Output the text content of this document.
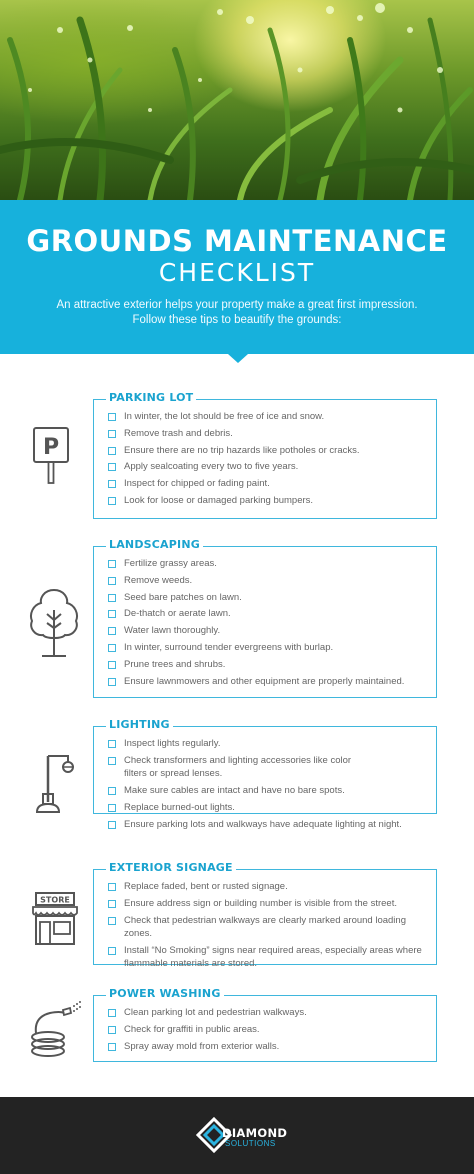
GROUNDS MAINTENANCE
CHECKLIST
An attractive exterior helps your property make a great first impression.
Follow these tips to beautify the grounds:
P
PARKING LOT
In winter, the lot should be free of ice and snow.
Remove trash and debris.
Ensure there are no trip hazards like potholes or cracks.
Apply sealcoating every two to five years.
Inspect for chipped or fading paint.
Look for loose or damaged parking bumpers.
LANDSCAPING
Fertilize grassy areas.
Remove weeds.
Seed bare patches on lawn.
De-thatch or aerate lawn.
Water lawn thoroughly.
In winter, surround tender evergreens with burlap.
Prune trees and shrubs.
Ensure lawnmowers and other equipment are properly maintained.
LIGHTING
Inspect lights regularly.
Check transformers and lighting accessories like color filters or spread lenses.
Make sure cables are intact and have no bare spots.
Replace burned-out lights.
Ensure parking lots and walkways have adequate lighting at night.
STORE
EXTERIOR SIGNAGE
Replace faded, bent or rusted signage.
Ensure address sign or building number is visible from the street.
Check that pedestrian walkways are clearly marked around loading zones.
Install “No Smoking” signs near required areas, especially areas where flammable materials are stored.
POWER WASHING
Clean parking lot and pedestrian walkways.
Check for graffiti in public areas.
Spray away mold from exterior walls.
DIAMOND
SOLUTIONS
